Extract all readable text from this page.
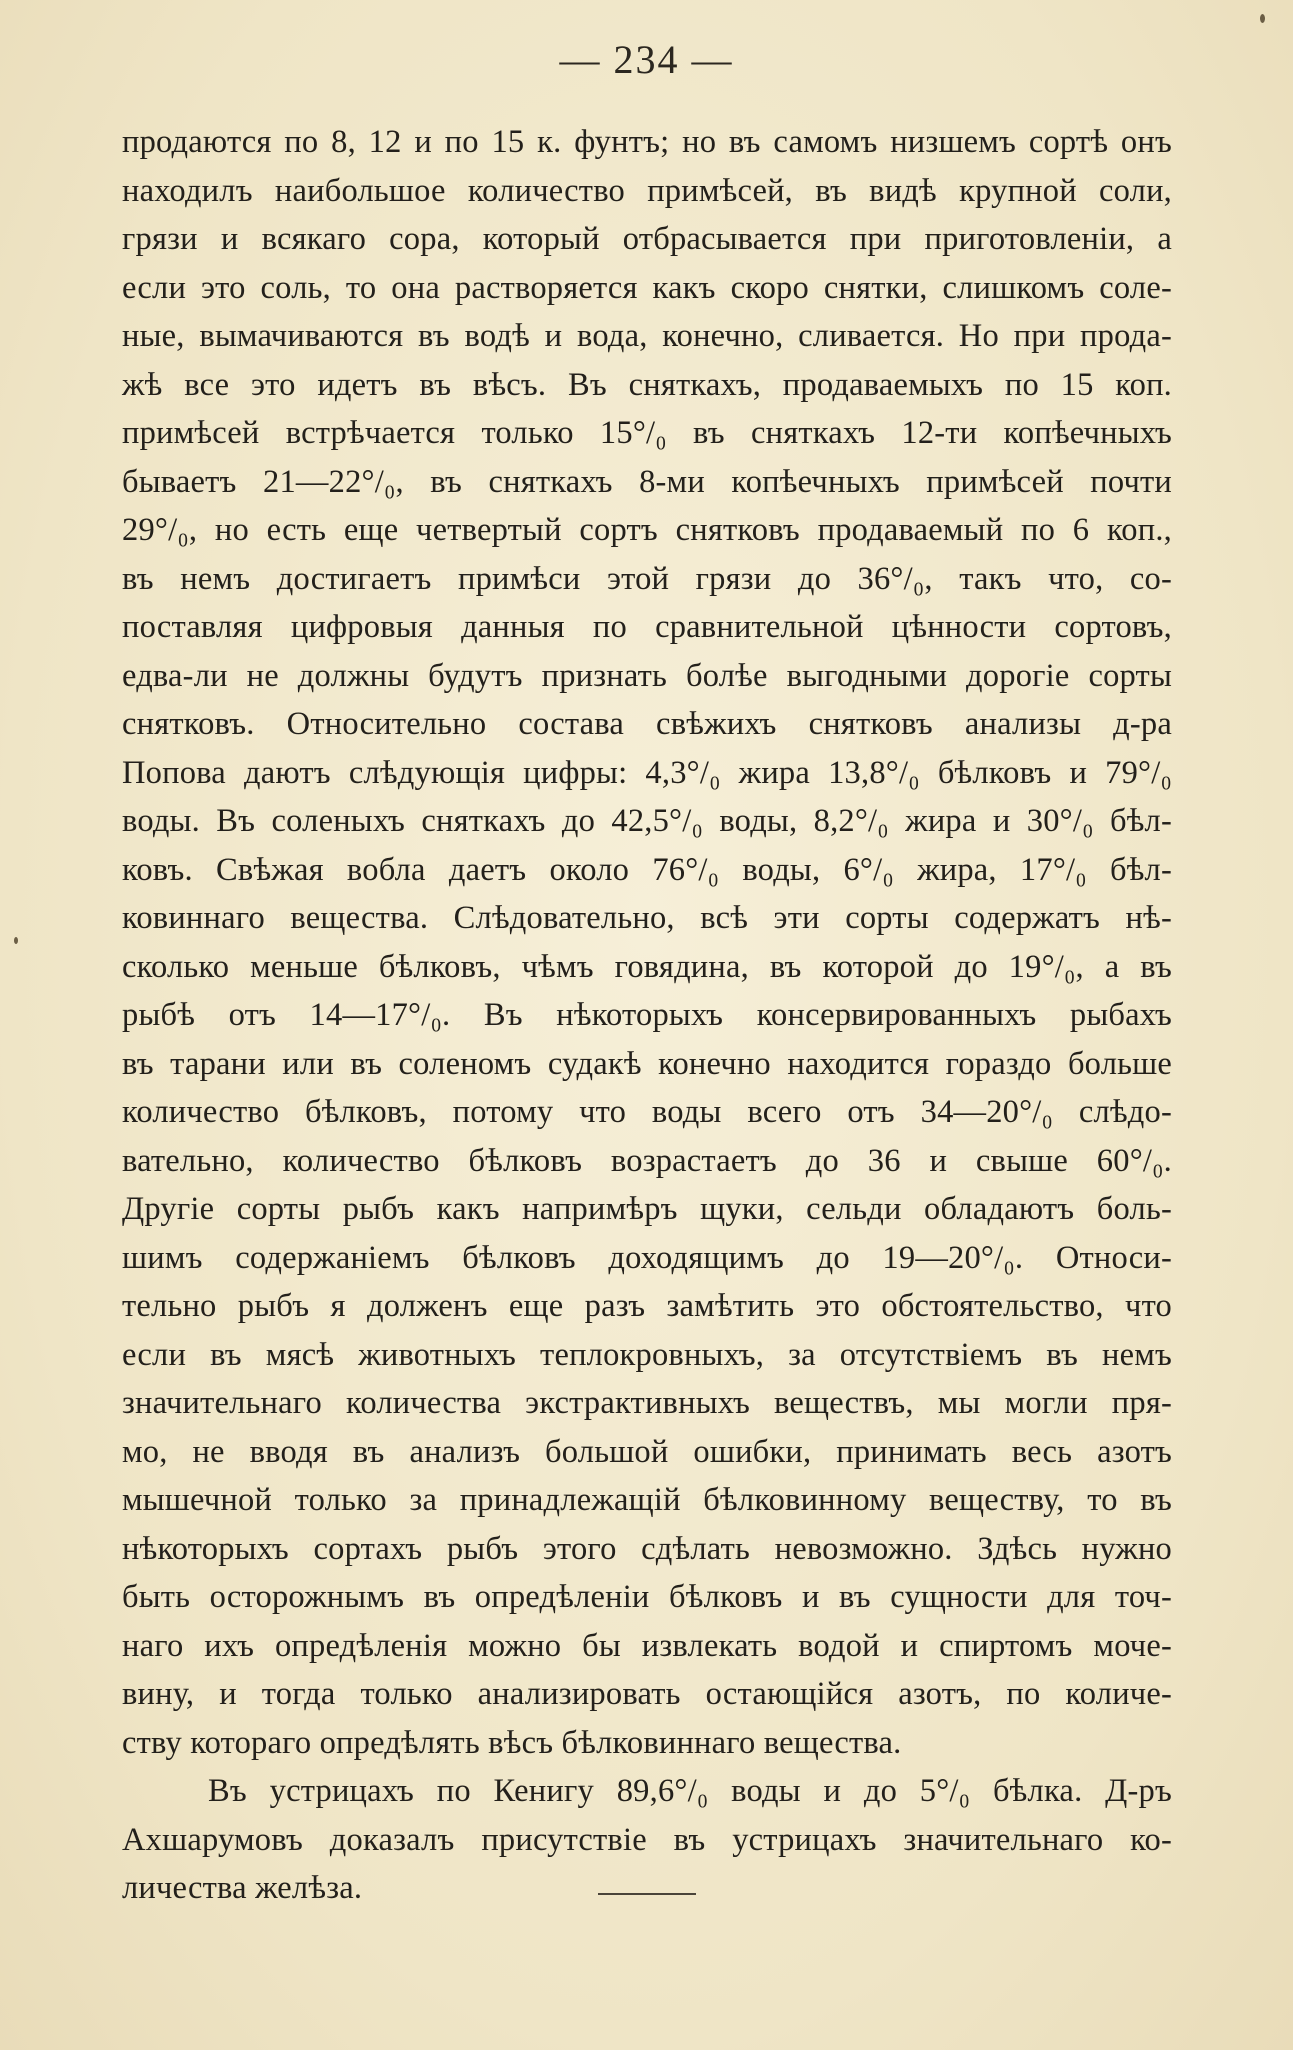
— 234 —
продаются по 8, 12 и по 15 к. фунтъ; но въ самомъ низшемъ сортѣ онъ
находилъ наибольшое количество примѣсей, въ видѣ крупной соли,
грязи и всякаго сора, который отбрасывается при приготовленіи, а
если это соль, то она растворяется какъ скоро снятки, слишкомъ соле-
ные, вымачиваются въ водѣ и вода, конечно, сливается. Но при прода-
жѣ все это идетъ въ вѣсъ. Въ сняткахъ, продаваемыхъ по 15 коп.
примѣсей встрѣчается только 15°/₀ въ сняткахъ 12-ти копѣечныхъ
бываетъ 21—22°/₀, въ сняткахъ 8-ми копѣечныхъ примѣсей почти
29°/₀, но есть еще четвертый сортъ снятковъ продаваемый по 6 коп.,
въ немъ достигаетъ примѣси этой грязи до 36°/₀, такъ что, со-
поставляя цифровыя данныя по сравнительной цѣнности сортовъ,
едва-ли не должны будутъ признать болѣе выгодными дорогіе сорты
снятковъ. Относительно состава свѣжихъ снятковъ анализы д-ра
Попова даютъ слѣдующія цифры: 4,3°/₀ жира 13,8°/₀ бѣлковъ и 79°/₀
воды. Въ соленыхъ сняткахъ до 42,5°/₀ воды, 8,2°/₀ жира и 30°/₀ бѣл-
ковъ. Свѣжая вобла даетъ около 76°/₀ воды, 6°/₀ жира, 17°/₀ бѣл-
ковиннаго вещества. Слѣдовательно, всѣ эти сорты содержатъ нѣ-
сколько меньше бѣлковъ, чѣмъ говядина, въ которой до 19°/₀, а въ
рыбѣ отъ 14—17°/₀. Въ нѣкоторыхъ консервированныхъ рыбахъ
въ тарани или въ соленомъ судакѣ конечно находится гораздо больше
количество бѣлковъ, потому что воды всего отъ 34—20°/₀ слѣдо-
вательно, количество бѣлковъ возрастаетъ до 36 и свыше 60°/₀.
Другіе сорты рыбъ какъ напримѣръ щуки, сельди обладаютъ боль-
шимъ содержаніемъ бѣлковъ доходящимъ до 19—20°/₀. Относи-
тельно рыбъ я долженъ еще разъ замѣтить это обстоятельство, что
если въ мясѣ животныхъ теплокровныхъ, за отсутствіемъ въ немъ
значительнаго количества экстрактивныхъ веществъ, мы могли пря-
мо, не вводя въ анализъ большой ошибки, принимать весь азотъ
мышечной только за принадлежащій бѣлковинному веществу, то въ
нѣкоторыхъ сортахъ рыбъ этого сдѣлать невозможно. Здѣсь нужно
быть осторожнымъ въ опредѣленіи бѣлковъ и въ сущности для точ-
наго ихъ опредѣленія можно бы извлекать водой и спиртомъ моче-
вину, и тогда только анализировать остающійся азотъ, по количе-
ству котораго опредѣлять вѣсъ бѣлковиннаго вещества.
Въ устрицахъ по Кенигу 89,6°/₀ воды и до 5°/₀ бѣлка. Д-ръ
Ахшарумовъ доказалъ присутствіе въ устрицахъ значительнаго ко-
личества желѣза.
